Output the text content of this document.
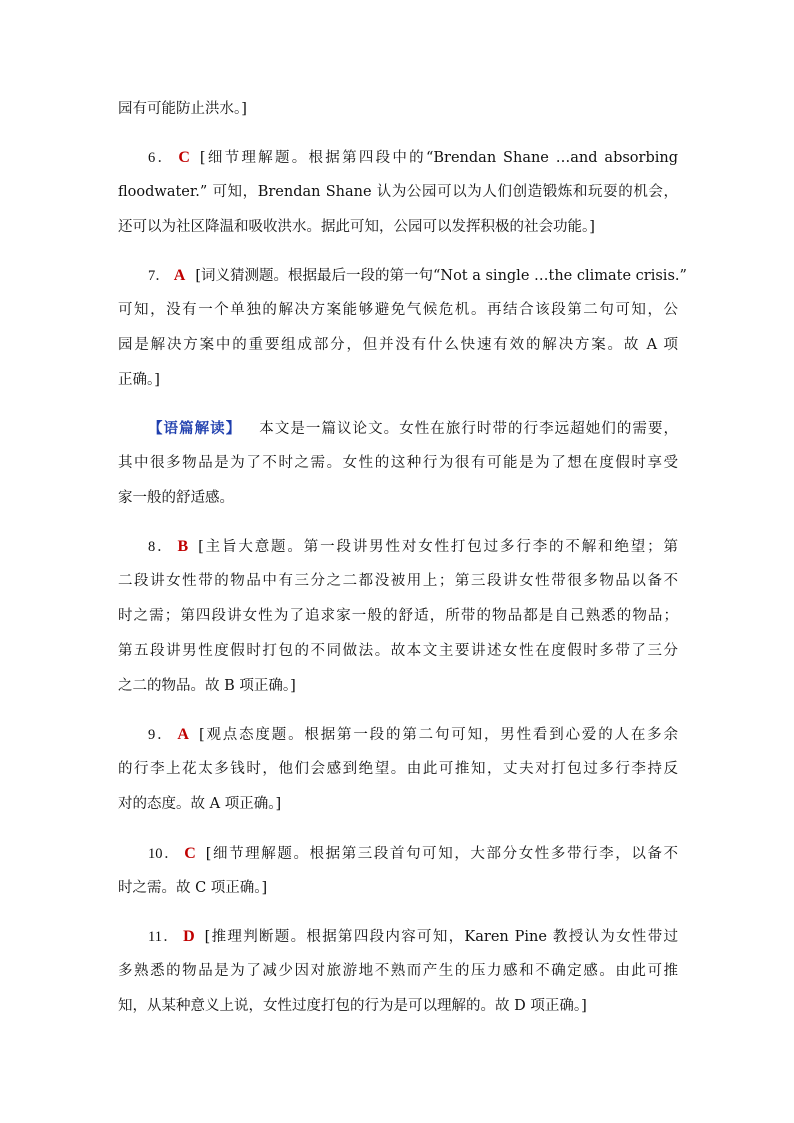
园有可能防止洪水。]
6． C [细节理解题。根据第四段中的“Brendan Shane …and absorbing
floodwater.” 可知，Brendan Shane 认为公园可以为人们创造锻炼和玩耍的机会，
还可以为社区降温和吸收洪水。据此可知，公园可以发挥积极的社会功能。]
7． A [词义猜测题。根据最后一段的第一句“Not a single …the climate crisis.”
可知，没有一个单独的解决方案能够避免气候危机。再结合该段第二句可知，公
园是解决方案中的重要组成部分，但并没有什么快速有效的解决方案。故 A 项
正确。]
【语篇解读】 本文是一篇议论文。女性在旅行时带的行李远超她们的需要，
其中很多物品是为了不时之需。女性的这种行为很有可能是为了想在度假时享受
家一般的舒适感。
8． B [主旨大意题。第一段讲男性对女性打包过多行李的不解和绝望；第
二段讲女性带的物品中有三分之二都没被用上；第三段讲女性带很多物品以备不
时之需；第四段讲女性为了追求家一般的舒适，所带的物品都是自己熟悉的物品；
第五段讲男性度假时打包的不同做法。故本文主要讲述女性在度假时多带了三分
之二的物品。故 B 项正确。]
9． A [观点态度题。根据第一段的第二句可知，男性看到心爱的人在多余
的行李上花太多钱时，他们会感到绝望。由此可推知，丈夫对打包过多行李持反
对的态度。故 A 项正确。]
10． C [细节理解题。根据第三段首句可知，大部分女性多带行李，以备不
时之需。故 C 项正确。]
11． D [推理判断题。根据第四段内容可知，Karen Pine 教授认为女性带过
多熟悉的物品是为了减少因对旅游地不熟而产生的压力感和不确定感。由此可推
知，从某种意义上说，女性过度打包的行为是可以理解的。故 D 项正确。]
